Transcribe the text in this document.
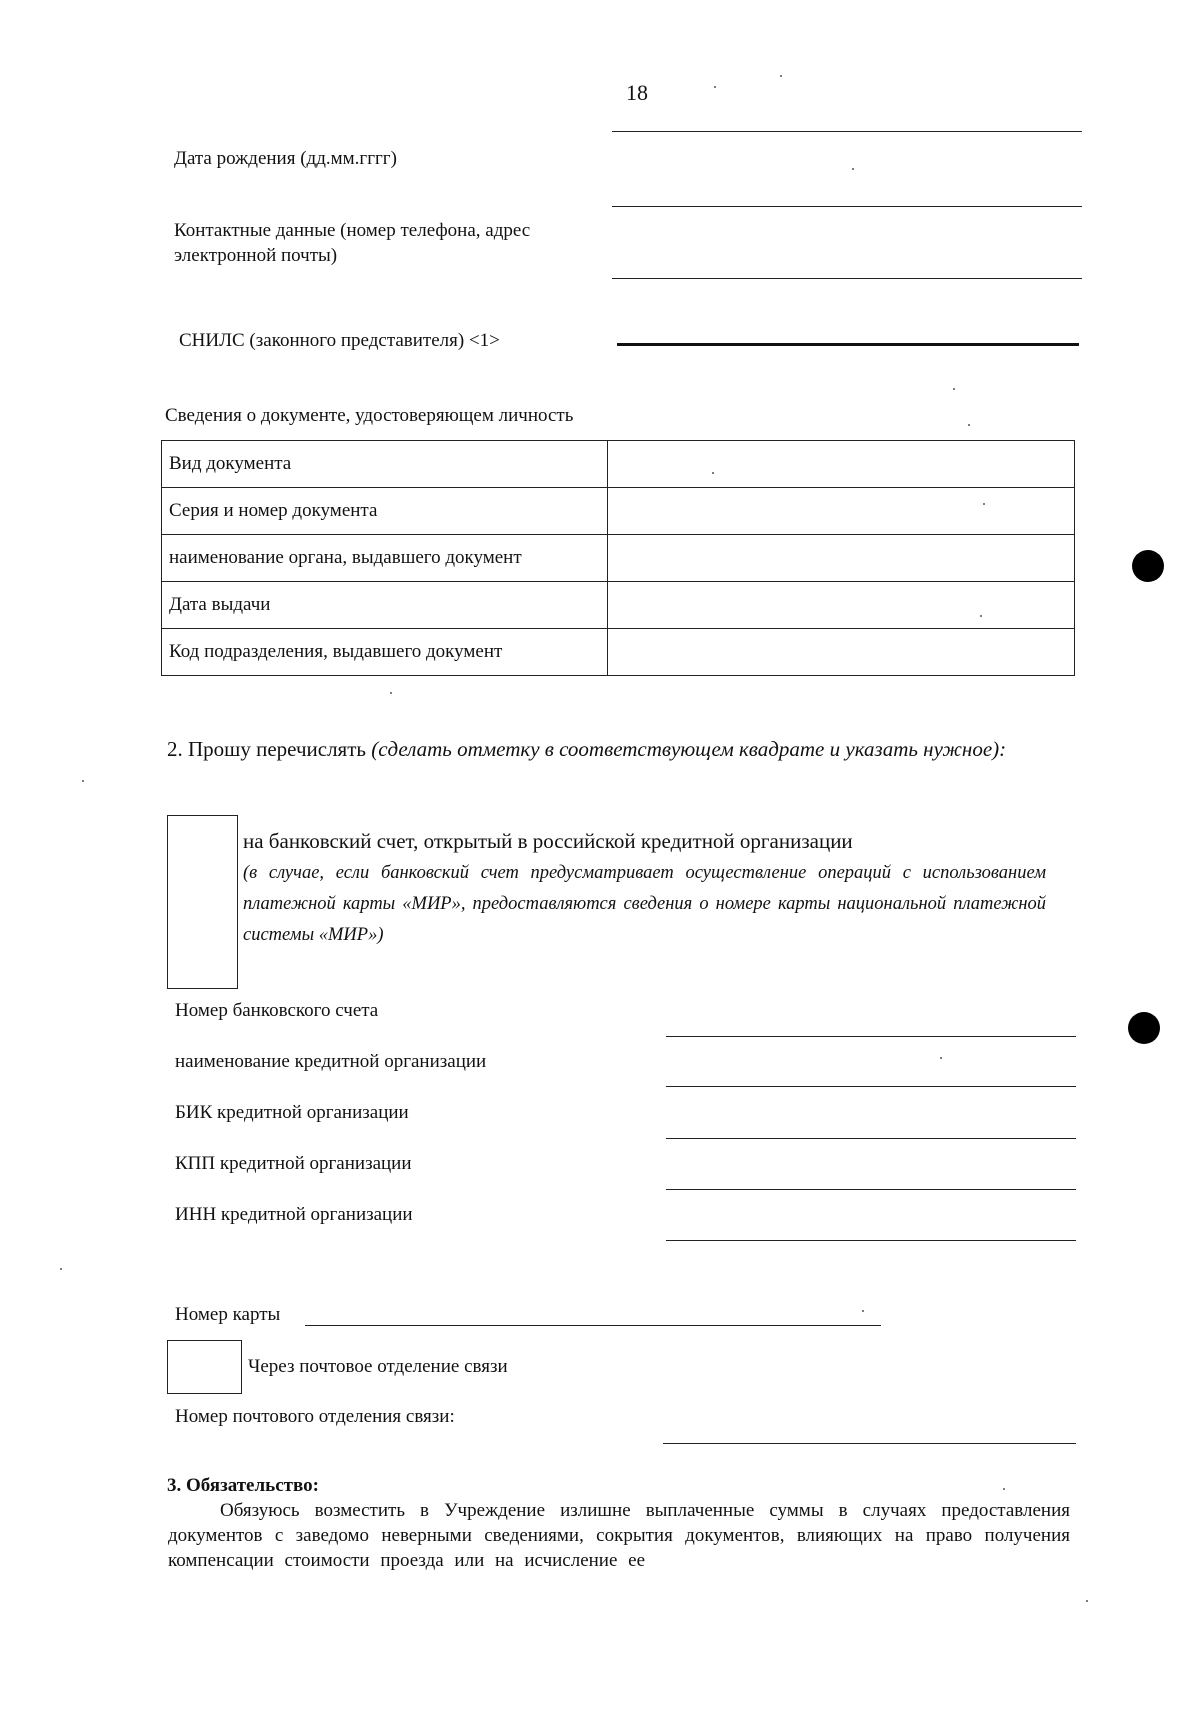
18
Дата рождения (дд.мм.гггг)
Контактные данные (номер телефона, адрес
электронной почты)
СНИЛС (законного представителя) <1>
Сведения о документе, удостоверяющем личность
Вид документа	
Серия и номер документа	
наименование органа, выдавшего документ	
Дата выдачи	
Код подразделения, выдавшего документ	
2. Прошу перечислять (сделать отметку в соответствующем квадрате и указать нужное):
на банковский счет, открытый в российской кредитной организации
(в случае, если банковский счет предусматривает осуществление операций с использованием платежной карты «МИР», предоставляются сведения о номере карты национальной платежной системы «МИР»)
Номер банковского счета
наименование кредитной организации
БИК кредитной организации
КПП кредитной организации
ИНН кредитной организации
Номер карты
Через почтовое отделение связи
Номер почтового отделения связи:
3. Обязательство:
Обязуюсь возместить в Учреждение излишне выплаченные суммы в случаях предоставления документов с заведомо неверными сведениями, сокрытия документов, влияющих на право получения компенсации стоимости проезда или на исчисление ее
